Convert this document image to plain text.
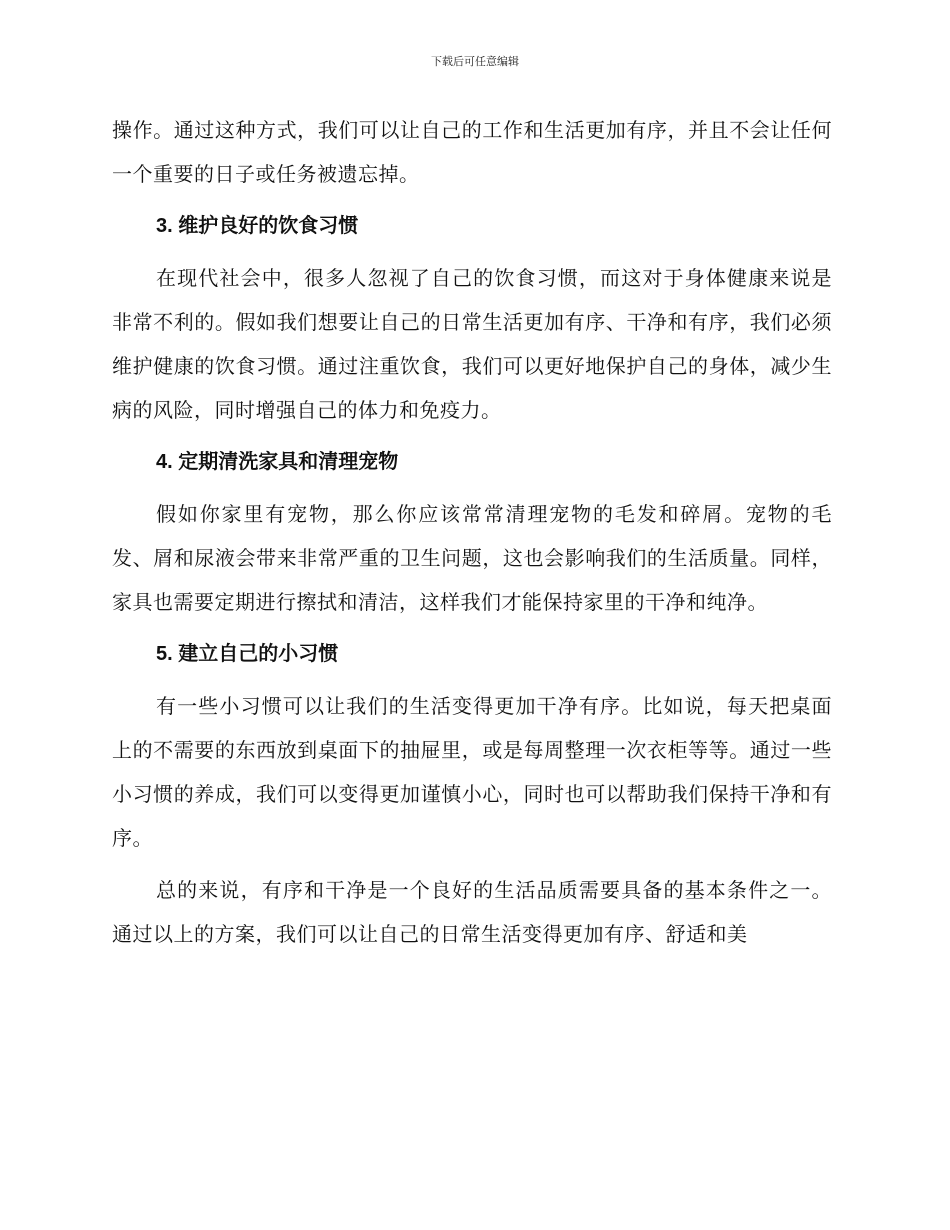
下载后可任意编辑

操作。通过这种方式，我们可以让自己的工作和生活更加有序，并且不会让任何一个重要的日子或任务被遗忘掉。

3. 维护良好的饮食习惯

在现代社会中，很多人忽视了自己的饮食习惯，而这对于身体健康来说是非常不利的。假如我们想要让自己的日常生活更加有序、干净和有序，我们必须维护健康的饮食习惯。通过注重饮食，我们可以更好地保护自己的身体，减少生病的风险，同时增强自己的体力和免疫力。

4. 定期清洗家具和清理宠物

假如你家里有宠物，那么你应该常常清理宠物的毛发和碎屑。宠物的毛发、屑和尿液会带来非常严重的卫生问题，这也会影响我们的生活质量。同样，家具也需要定期进行擦拭和清洁，这样我们才能保持家里的干净和纯净。

5. 建立自己的小习惯

有一些小习惯可以让我们的生活变得更加干净有序。比如说，每天把桌面上的不需要的东西放到桌面下的抽屉里，或是每周整理一次衣柜等等。通过一些小习惯的养成，我们可以变得更加谨慎小心，同时也可以帮助我们保持干净和有序。

总的来说，有序和干净是一个良好的生活品质需要具备的基本条件之一。通过以上的方案，我们可以让自己的日常生活变得更加有序、舒适和美
